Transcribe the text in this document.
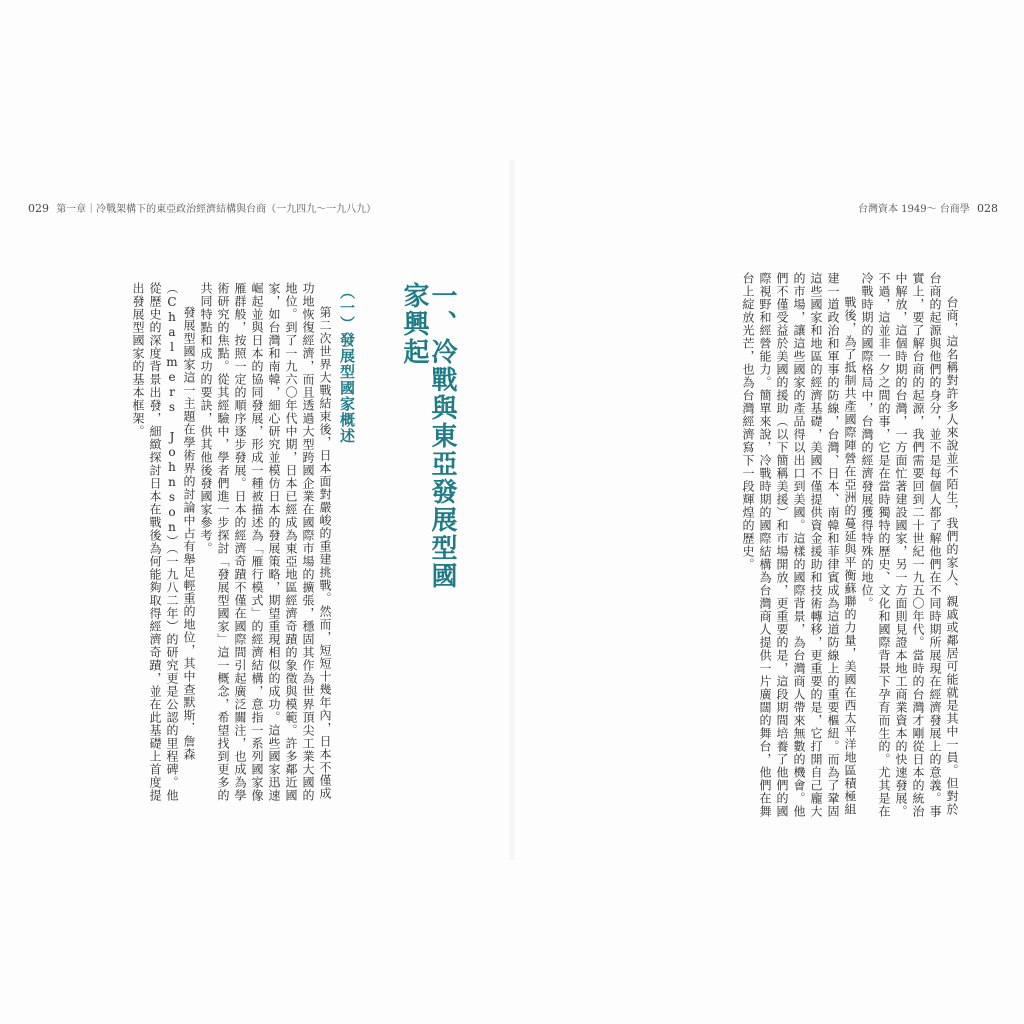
029 第一章｜冷戰架構下的東亞政治經濟結構與台商（一九四九～一九八九）	台灣資本 1949～ 台商學 028

台商，這名稱對許多人來說並不陌生，我們的家人、親戚或鄰居可能就是其中一員。但對於台商的起源與他們的身分，並不是每個人都了解他們在不同時期所展現在經濟發展上的意義。事實上，要了解台商的起源，我們需要回到二十世紀一九五〇年代。當時的台灣才剛從日本的統治中解放，這個時期的台灣，一方面忙著建設國家，另一方面則見證本地工商業資本的快速發展。不過，這並非一夕之間的事，它是在當時獨特的歷史、文化和國際背景下孕育而生的。尤其是在冷戰時期的國際格局中，台灣的經濟發展獲得特殊的地位。

戰後，為了抵制共產國際陣營在亞洲的蔓延與平衡蘇聯的力量，美國在西太平洋地區積極組建一道政治和軍事的防線，台灣、日本、南韓和菲律賓成為這道防線上的重要樞紐。而為了鞏固這些國家和地區的經濟基礎，美國不僅提供資金援助和技術轉移，更重要的是，它打開自己龐大的市場，讓這些國家的產品得以出口到美國。這樣的國際背景，為台灣商人帶來無數的機會。他們不僅受益於美國的援助（以下簡稱美援）和市場開放，更重要的是，這段期間培養了他們的國際視野和經營能力。簡單來說，冷戰時期的國際結構為台灣商人提供一片廣闊的舞台，他們在舞台上綻放光芒，也為台灣經濟寫下一段輝煌的歷史。

一、冷戰與東亞發展型國家興起
（一）發展型國家概述

第二次世界大戰結束後，日本面對嚴峻的重建挑戰。然而，短短十幾年內，日本不僅成功地恢復經濟，而且透過大型跨國企業在國際市場的擴張，穩固其作為世界頂尖工業大國的地位。到了一九六〇年代中期，日本已經成為東亞地區經濟奇蹟的象徵與模範。許多鄰近國家，如台灣和南韓，細心研究並模仿日本的發展策略，期望重現相似的成功。這些國家迅速崛起並與日本的協同發展，形成一種被描述為「雁行模式」的經濟結構，意指一系列國家像雁群般，按照一定的順序逐步發展。日本的經濟奇蹟不僅在國際間引起廣泛關注，也成為學術研究的焦點。從其經驗中，學者們進一步探討「發展型國家」這一概念，希望找到更多的共同特點和成功的要訣，供其他後發國家參考。

發展型國家這一主題在學術界的討論中占有舉足輕重的地位，其中查默斯．詹森（Chalmers Johnson）（一九八二年）的研究更是公認的里程碑。他從歷史的深度背景出發，細緻探討日本在戰後為何能夠取得經濟奇蹟，並在此基礎上首度提出發展型國家的基本框架。
